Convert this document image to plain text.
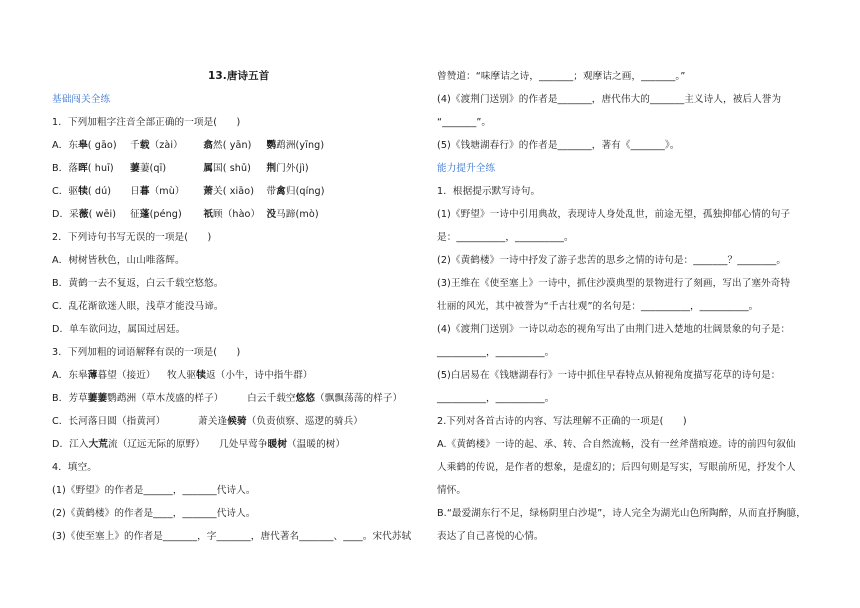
13.唐诗五首
基础闯关全练
1．下列加粗字注音全部正确的一项是(　　)
A．东皋( gāo) 千载（zài） 翕然( yān) 鹦鹉洲(yīng)
B．落晖( huī) 萋萋(qī)	属国( shǔ) 荆门外(jì)
C．驱犊( dú) 日暮（mù） 萧关( xiāo) 带禽归(qíng)
D．采薇( wēi) 征蓬(péng) 祇顾（hào） 没马蹄(mò)
2．下列诗句书写无误的一项是(　　)
A．树树皆秋色，山山唯落辉。
B．黄鹤一去不复返，白云千载空悠悠。
C．乱花渐欲迷人眼，浅草才能没马谛。
D．单车欲问边，属国过居廷。
3．下列加粗的词语解释有误的一项是(　　)
A．东皋薄暮望（接近） 牧人驱犊返（小牛，诗中指牛群）
B．芳草萋萋鹦鹉洲（草木茂盛的样子） 白云千载空悠悠（飘飘荡荡的样子）
C．长河落日圆（指黄河）	萧关逢候骑（负责侦察、巡逻的骑兵）
D．江入大荒流（辽远无际的原野） 几处早莺争暖树（温暖的树）
4．填空。
(1)《野望》的作者是______，_______代诗人。
(2)《黄鹤楼》的作者是____，_______代诗人。
(3)《使至塞上》的作者是_______，字_______，唐代著名_______、____。宋代苏轼
曾赞道：“味摩诘之诗，_______；观摩诘之画，_______。”
(4)《渡荆门送别》的作者是_______，唐代伟大的_______主义诗人，被后人誉为
“_______”。
(5)《钱塘湖春行》的作者是_______，著有《_______》。
能力提升全练
1．根据提示默写诗句。
(1)《野望》一诗中引用典故，表现诗人身处乱世，前途无望，孤独抑郁心情的句子
是：__________，__________。
(2)《黄鹤楼》一诗中抒发了游子悲苦的思乡之情的诗句是：_______？________。
(3)王维在《使至塞上》一诗中，抓住沙漠典型的景物进行了刻画，写出了塞外奇特
壮丽的风光，其中被誉为“千古壮观”的名句是：__________，__________。
(4)《渡荆门送别》一诗以动态的视角写出了由荆门进入楚地的壮阔景象的句子是：
__________，__________。
(5)白居易在《钱塘湖春行》一诗中抓住早春特点从俯视角度描写花草的诗句是：
__________，__________。
2.下列对各首古诗的内容、写法理解不正确的一项是(　　)
A.《黄鹤楼》一诗的起、承、转、合自然流畅，没有一丝斧凿痕迹。诗的前四句叙仙
人乘鹤的传说，是作者的想象，是虚幻的；后四句则是写实，写眼前所见，抒发个人
情怀。
B.“最爱湖东行不足，绿杨阴里白沙堤”，诗人完全为湖光山色所陶醉，从而直抒胸臆，
表达了自己喜悦的心情。
